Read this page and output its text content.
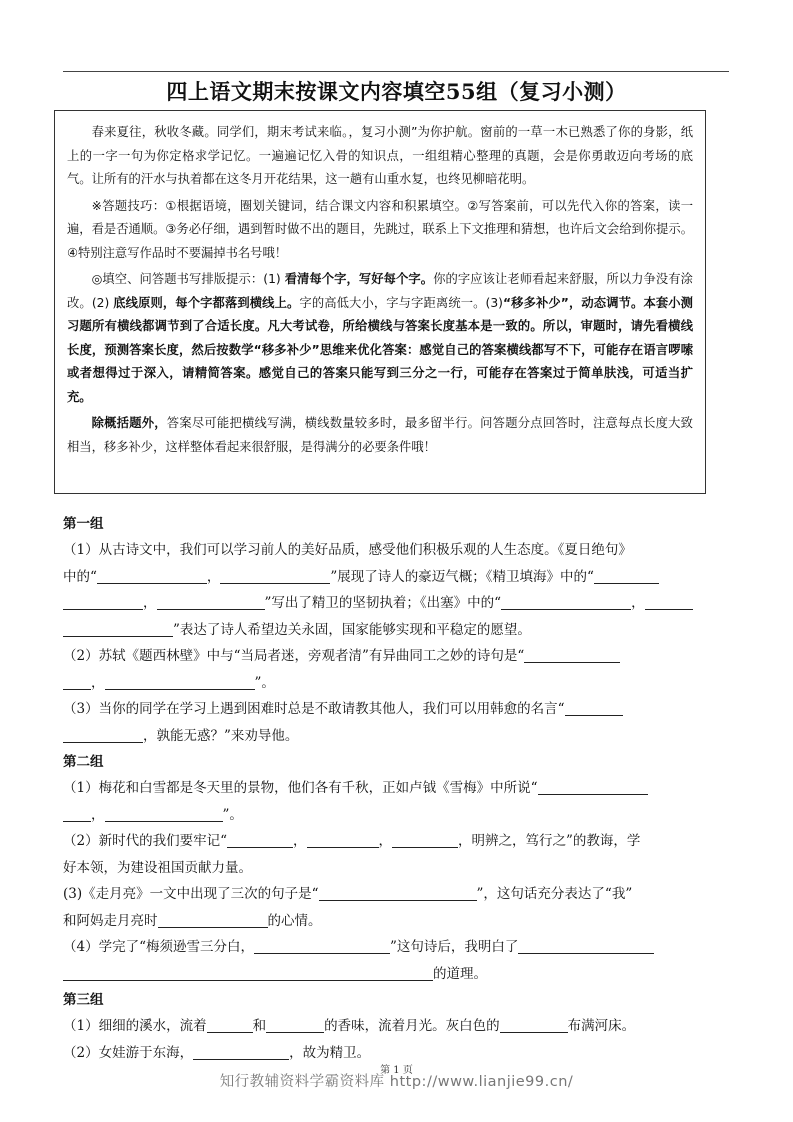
四上语文期末按课文内容填空55组（复习小测）

春来夏往，秋收冬藏。同学们，期末考试来临。，复习小测”为你护航。窗前的一草一木已熟悉了你的身影，纸上的一字一句为你定格求学记忆。一遍遍记忆入骨的知识点，一组组精心整理的真题，会是你勇敢迈向考场的底气。让所有的汗水与执着都在这冬月开花结果，这一趟有山重水复，也终见柳暗花明。

※答题技巧：①根据语境，圈划关键词，结合课文内容和积累填空。②写答案前，可以先代入你的答案，读一遍，看是否通顺。③务必仔细，遇到暂时做不出的题目，先跳过，联系上下文推理和猜想，也许后文会给到你提示。④特别注意写作品时不要漏掉书名号哦！

◎填空、问答题书写排版提示：(1) 看清每个字，写好每个字。你的字应该让老师看起来舒服，所以力争没有涂改。(2) 底线原则，每个字都落到横线上。字的高低大小，字与字距离统一。(3)“移多补少”，动态调节。本套小测习题所有横线都调节到了合适长度。凡大考试卷，所给横线与答案长度基本是一致的。所以，审题时，请先看横线长度，预测答案长度，然后按数学“移多补少”思维来优化答案：感觉自己的答案横线都写不下，可能存在语言啰嗦或者想得过于深入，请精简答案。感觉自己的答案只能写到三分之一行，可能存在答案过于简单肤浅，可适当扩充。

除概括题外，答案尽可能把横线写满，横线数量较多时，最多留半行。问答题分点回答时，注意每点长度大致相当，移多补少，这样整体看起来很舒服，是得满分的必要条件哦！

第一组
（1）从古诗文中，我们可以学习前人的美好品质，感受他们积极乐观的人生态度。《夏日绝句》
中的“	，	”展现了诗人的豪迈气概；《精卫填海》中的“
，	”写出了精卫的坚韧执着；《出塞》中的“	，
”表达了诗人希望边关永固，国家能够实现和平稳定的愿望。
（2）苏轼《题西林壁》中与“当局者迷，旁观者清”有异曲同工之妙的诗句是“
，	”。
（3）当你的同学在学习上遇到困难时总是不敢请教其他人，我们可以用韩愈的名言“
，孰能无惑？”来劝导他。
第二组
（1）梅花和白雪都是冬天里的景物，他们各有千秋，正如卢钺《雪梅》中所说“
，	”。
（2）新时代的我们要牢记“	，	，	，明辨之，笃行之”的教诲，学
好本领，为建设祖国贡献力量。
(3)《走月亮》一文中出现了三次的句子是“	”，这句话充分表达了“我”
和阿妈走月亮时	的心情。
（4）学完了“梅须逊雪三分白，	”这句诗后，我明白了
的道理。
第三组
（1）细细的溪水，流着	和	的香味，流着月光。灰白色的	布满河床。
（2）女娃游于东海，	，故为精卫。
第 1 页
知行教辅资料学霸资料库 http://www.lianjie99.cn/
